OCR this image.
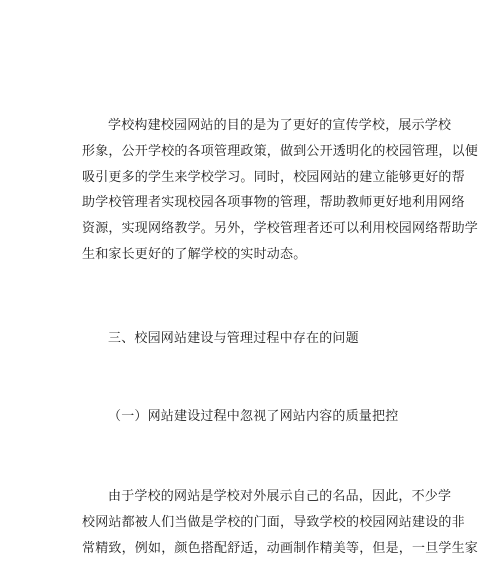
学校构建校园网站的目的是为了更好的宣传学校，展示学校
形象，公开学校的各项管理政策，做到公开透明化的校园管理，以便
吸引更多的学生来学校学习。同时，校园网站的建立能够更好的帮
助学校管理者实现校园各项事物的管理，帮助教师更好地利用网络
资源，实现网络教学。另外，学校管理者还可以利用校园网络帮助学
生和家长更好的了解学校的实时动态。
三、校园网站建设与管理过程中存在的问题
（一）网站建设过程中忽视了网站内容的质量把控
由于学校的网站是学校对外展示自己的名品，因此，不少学
校网站都被人们当做是学校的门面，导致学校的校园网站建设的非
常精致，例如，颜色搭配舒适，动画制作精美等，但是，一旦学生家
